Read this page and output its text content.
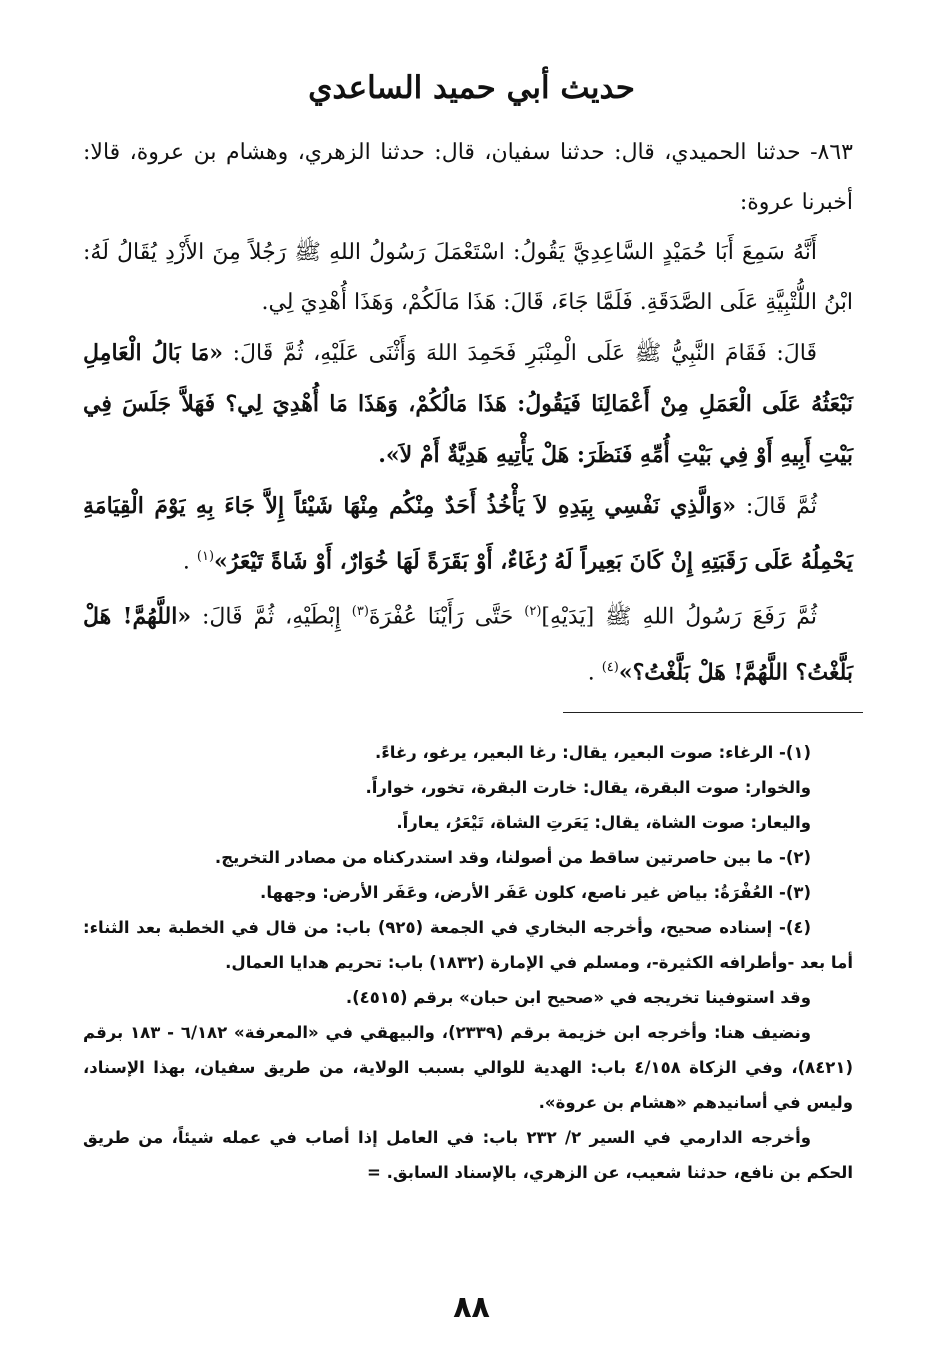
حديث أبي حميد الساعدي

٨٦٣- حدثنا الحميدي، قال: حدثنا سفيان، قال: حدثنا الزهري، وهشام بن عروة، قالا: أخبرنا عروة:

أَنَّهُ سَمِعَ أَبَا حُمَيْدٍ السَّاعِدِيَّ يَقُولُ: اسْتَعْمَلَ رَسُولُ اللهِ ﷺ رَجُلاً مِنَ الأَزْدِ يُقَالُ لَهُ: ابْنُ اللُّتْبِيَّةِ عَلَى الصَّدَقَةِ. فَلَمَّا جَاءَ، قَالَ: هَذَا مَالَكُمْ، وَهَذَا أُهْدِيَ لِي.

قَالَ: فَقَامَ النَّبِيُّ ﷺ عَلَى الْمِنْبَرِ فَحَمِدَ اللهَ وَأَثْنَى عَلَيْهِ، ثُمَّ قَالَ: «مَا بَالُ الْعَامِلِ نَبْعَثُهُ عَلَى الْعَمَلِ مِنْ أَعْمَالِنَا فَيَقُولُ: هَذَا مَالُكُمْ، وَهَذَا مَا أُهْدِيَ لِي؟ فَهَلاَّ جَلَسَ فِي بَيْتِ أَبِيهِ أَوْ فِي بَيْتِ أُمِّهِ فَنَظَرَ: هَلْ يَأْتِيهِ هَدِيَّةٌ أَمْ لاَ».

ثُمَّ قَالَ: «وَالَّذِي نَفْسِي بِيَدِهِ لاَ يَأْخُذُ أَحَدٌ مِنْكُم مِنْهَا شَيْئاً إِلاَّ جَاءَ بِهِ يَوْمَ الْقِيَامَةِ يَحْمِلُهُ عَلَى رَقَبَتِهِ إِنْ كَانَ بَعِيراً لَهُ رُغَاءٌ، أَوْ بَقَرَةً لَهَا خُوَارٌ، أَوْ شَاةً تَيْعَرُ»$^{(١)}$ .

ثُمَّ رَفَعَ رَسُولُ اللهِ ﷺ [يَدَيْهِ]$^{(٢)}$ حَتَّى رَأَيْنَا عُفْرَةَ$^{(٣)}$ إِبْطَيْهِ، ثُمَّ قَالَ: «اللَّهُمَّ! هَلْ بَلَّغْتُ؟ اللَّهُمَّ! هَلْ بَلَّغْتُ؟»$^{(٤)}$ .

(١)- الرغاء: صوت البعير، يقال: رغا البعير، يرغو، رغاءً.

والخوار: صوت البقرة، يقال: خارت البقرة، تخور، خواراً.

واليعار: صوت الشاة، يقال: يَعَرتِ الشاة، تَيْعَرُ، يعاراً.

(٢)- ما بين حاصرتين ساقط من أصولنا، وقد استدركناه من مصادر التخريج.

(٣)- العُفْرَةُ: بياض غير ناصع، كلون عَفَر الأرض، وعَفَر الأرض: وجهها.

(٤)- إسناده صحيح، وأخرجه البخاري في الجمعة (٩٢٥) باب: من قال في الخطبة بعد الثناء: أما بعد -وأطرافه الكثيرة-، ومسلم في الإمارة (١٨٣٢) باب: تحريم هدايا العمال.

وقد استوفينا تخريجه في «صحيح ابن حبان» برقم (٤٥١٥).

ونضيف هنا: وأخرجه ابن خزيمة برقم (٢٣٣٩)، والبيهقي في «المعرفة» ٦/١٨٢ - ١٨٣ برقم (٨٤٢١)، وفي الزكاة ٤/١٥٨ باب: الهدية للوالي بسبب الولاية، من طريق سفيان، بهذا الإسناد، وليس في أسانيدهم «هشام بن عروة».

وأخرجه الدارمي في السير ٢/ ٢٣٢ باب: في العامل إذا أصاب في عمله شيئاً، من طريق الحكم بن نافع، حدثنا شعيب، عن الزهري، بالإسناد السابق. =

٨٨
